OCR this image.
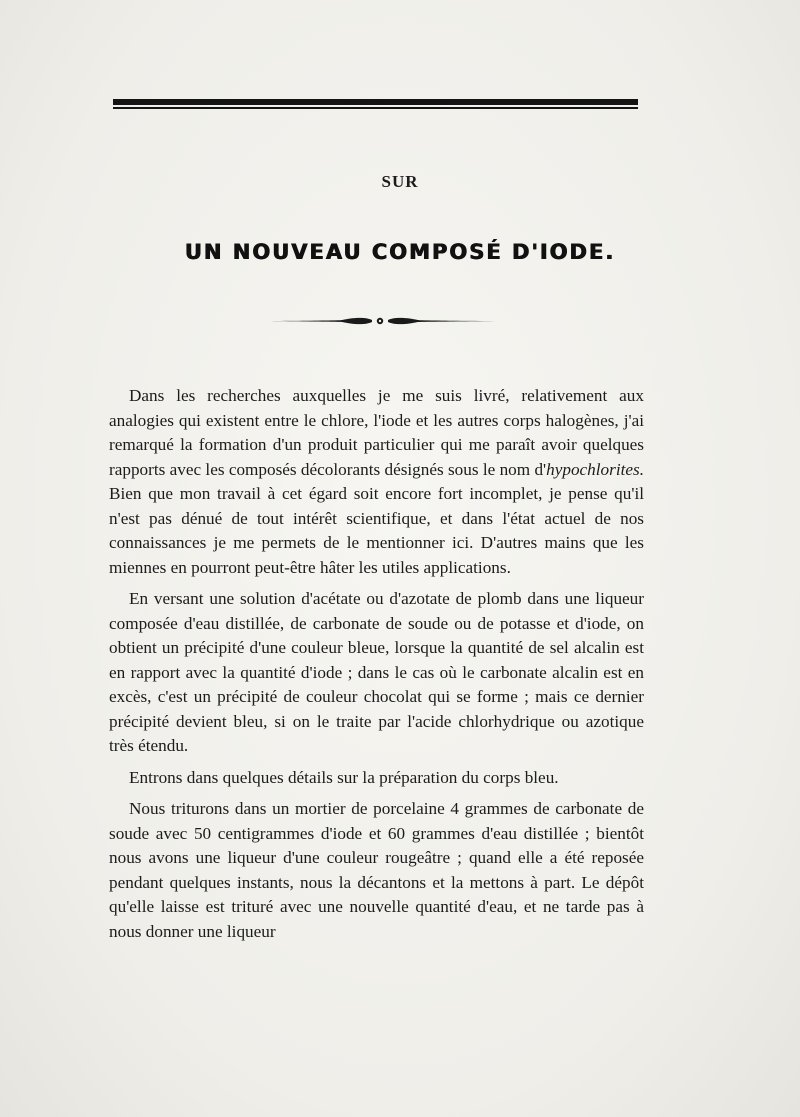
SUR
UN NOUVEAU COMPOSÉ D'IODE.

Dans les recherches auxquelles je me suis livré, relativement aux analogies qui existent entre le chlore, l'iode et les autres corps halogènes, j'ai remarqué la formation d'un produit particulier qui me paraît avoir quelques rapports avec les composés décolorants désignés sous le nom d'hypochlorites. Bien que mon travail à cet égard soit encore fort incomplet, je pense qu'il n'est pas dénué de tout intérêt scientifique, et dans l'état actuel de nos connaissances je me permets de le mentionner ici. D'autres mains que les miennes en pourront peut-être hâter les utiles applications.

En versant une solution d'acétate ou d'azotate de plomb dans une liqueur composée d'eau distillée, de carbonate de soude ou de potasse et d'iode, on obtient un précipité d'une couleur bleue, lorsque la quantité de sel alcalin est en rapport avec la quantité d'iode ; dans le cas où le carbonate alcalin est en excès, c'est un précipité de couleur chocolat qui se forme ; mais ce dernier précipité devient bleu, si on le traite par l'acide chlorhydrique ou azotique très étendu.

Entrons dans quelques détails sur la préparation du corps bleu.

Nous triturons dans un mortier de porcelaine 4 grammes de carbonate de soude avec 50 centigrammes d'iode et 60 grammes d'eau distillée ; bientôt nous avons une liqueur d'une couleur rougeâtre ; quand elle a été reposée pendant quelques instants, nous la décantons et la mettons à part. Le dépôt qu'elle laisse est trituré avec une nouvelle quantité d'eau, et ne tarde pas à nous donner une liqueur
